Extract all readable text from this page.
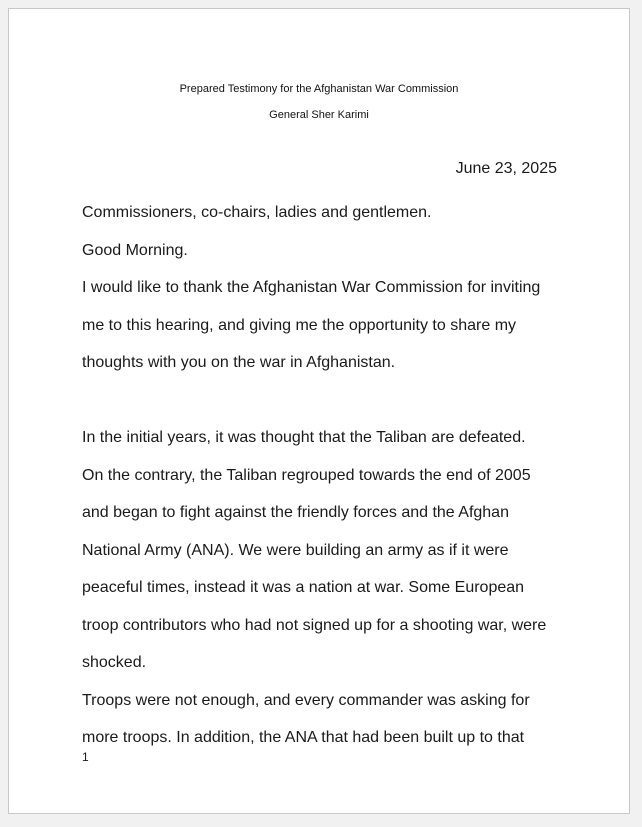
Prepared Testimony for the Afghanistan War Commission
General Sher Karimi
June 23, 2025

Commissioners, co-chairs, ladies and gentlemen.

Good Morning.

I would like to thank the Afghanistan War Commission for inviting

me to this hearing, and giving me the opportunity to share my

thoughts with you on the war in Afghanistan.

In the initial years, it was thought that the Taliban are defeated.

On the contrary, the Taliban regrouped towards the end of 2005

and began to fight against the friendly forces and the Afghan

National Army (ANA). We were building an army as if it were

peaceful times, instead it was a nation at war. Some European

troop contributors who had not signed up for a shooting war, were

shocked.

Troops were not enough, and every commander was asking for

more troops. In addition, the ANA that had been built up to that

1
